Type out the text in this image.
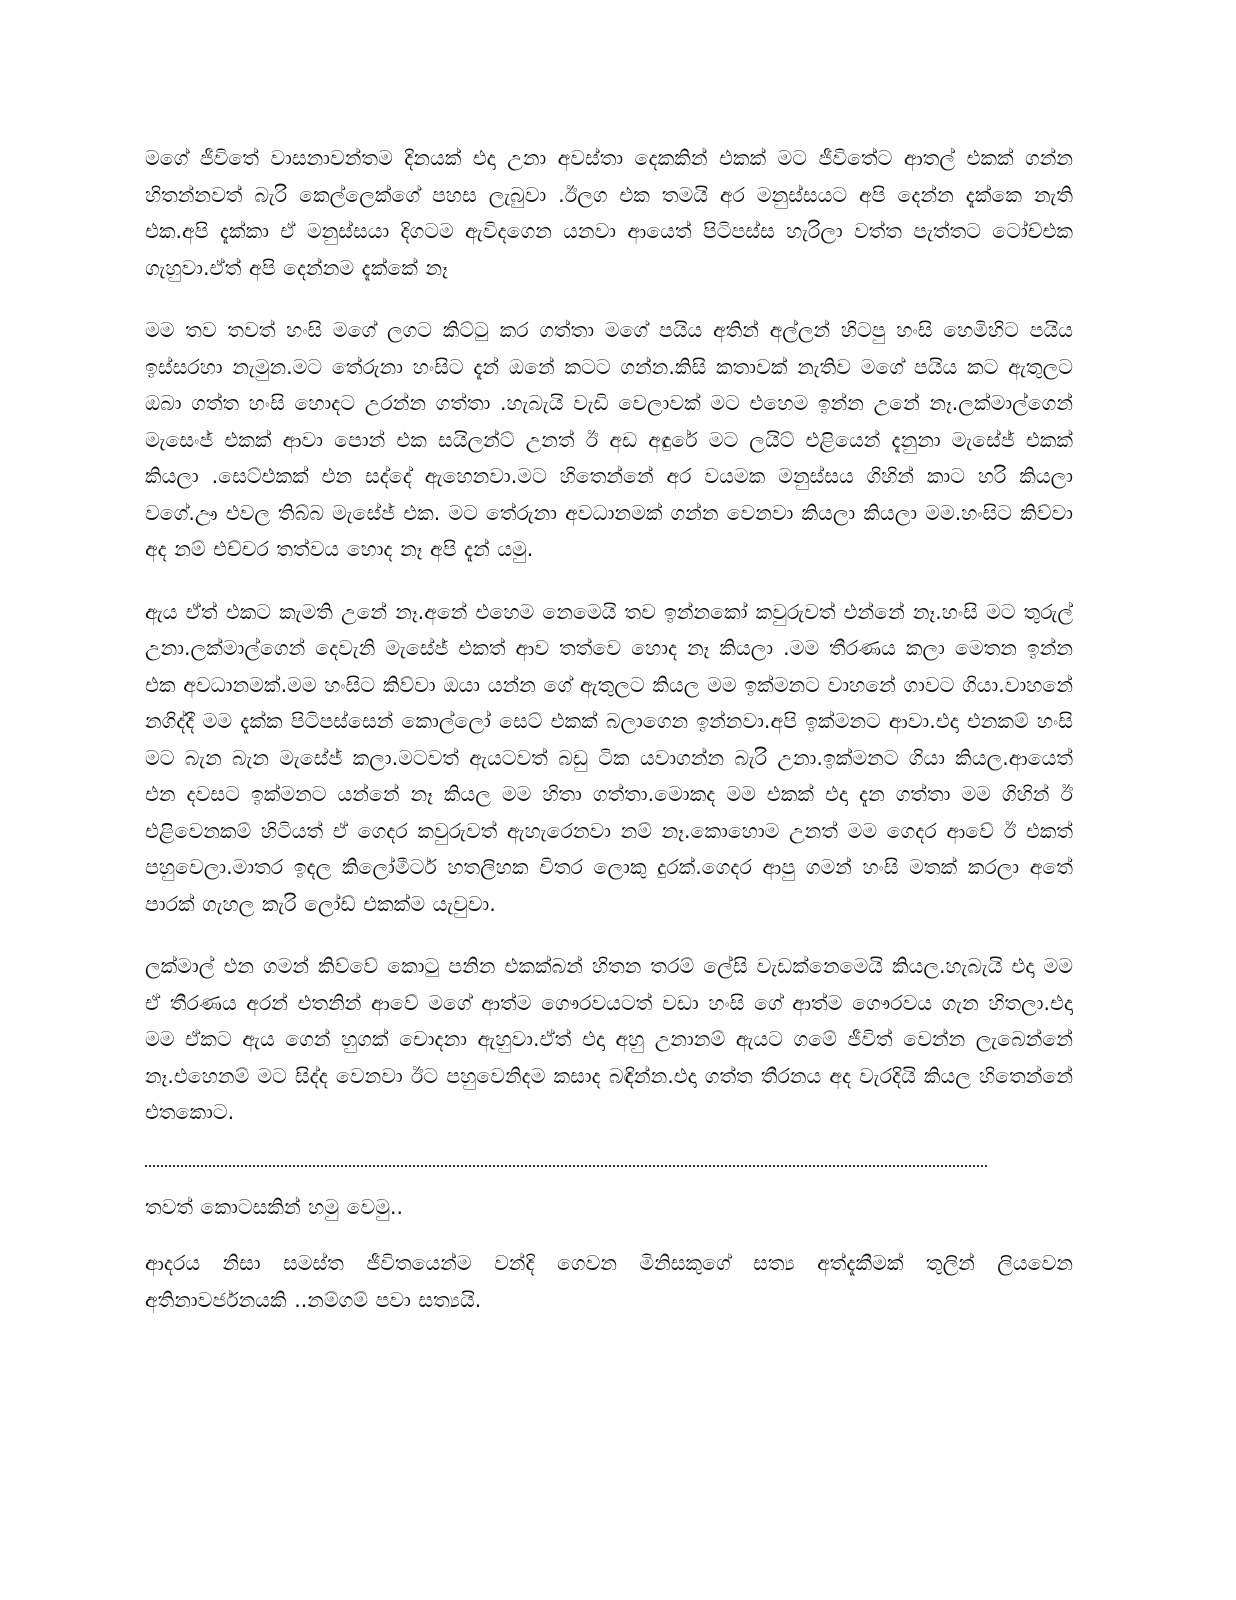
මගේ ජීවිතේ වාසනාවන්තම දිනයක් එදා උනා අවස්තා දෙකකින් එකක් මට ජීවිතේට ආතල් එකක් ගන්න හිතන්නවත් බැරි කෙල්ලෙක්ගේ පහස ලැබුවා .ඊලග එක තමයි අර මනුස්සයට අපි දෙන්න දැක්කෙ නැති එක.අපි දැක්කා ඒ මනුස්සයා දිගටම ඇවිදගෙන යනවා ආයෙත් පිටිපස්ස හැරිලා වත්ත පැත්තට ටෝච්එක ගැහුවා.ඒත් අපි දෙන්නම දැක්කේ නෑ

මම තව තවත් හංසි මගේ ලගට කිට්ටු කර ගත්තා මගේ පයිය අතින් අල්ලන් හිටපු හංසි හෙමිහිට පයිය ඉස්සරහා නැමුන.මට තේරුනා හංසිට දැන් ඔනේ කටට ගන්න.කිසි කතාවක් නැතිව මගේ පයිය කට ඇතුලට ඔබා ගත්ත හංසි හොදට උරන්න ගත්තා .හැබැයි වැඩි වෙලාවක් මට එහෙම ඉන්න උනේ නෑ.ලක්මාල්ගෙන් මැසෙංජ් එකක් ආවා පොන් එක සයිලන්ට් උනත් ඊ අඩ අඳුරේ මට ලයිට් එළියෙන් දැනුනා මැසේජ් එකක් කියලා .සෙට්එකක් එන සද්දේ ඇහෙනවා.මට හිතෙන්නේ අර වයමක මනුස්සය ගිහින් කාට හරි කියලා වගේ.ඌ එවල තිබ්බ මැසේජ් එක. මට තේරුනා අවධානමක් ගන්න වෙනවා කියලා කියලා මම.හංසිට කිව්වා අද නම් එච්චර තත්වය හොද නෑ අපි දැන් යමු.

ඇය ඒත් එකට කැමති උනේ නෑ.අනේ එහෙම නෙමෙයි තව ඉන්නකෝ කවුරුවත් එන්නේ නෑ.හංසි මට තුරුල් උනා.ලක්මාල්ගෙන් දෙවැනි මැසේජ් එකත් ආව තත්වෙ හොද නෑ කියලා .මම තීරණය කලා මෙතන ඉන්න එක අවධානමක්.මම හංසිට කිව්වා ඔයා යන්න ගේ ඇතුලට කියල මම ඉක්මනට වාහනේ ගාවට ගියා.වාහනේ නගිද්දී මම දැක්ක පිටිපස්සෙන් කොල්ලෝ සෙට් එකක් බලාගෙන ඉන්නවා.අපි ඉක්මනට ආවා.එදා එනකම් හංසි මට බැන බැන මැසේජ් කලා.මටවත් ඇයටවත් බඩු ටික යවාගන්න බැරි උනා.ඉක්මනට ගියා කියල.ආයෙත් එන දවසට ඉක්මනට යන්නේ නෑ කියල මම හිතා ගත්තා.මොකද මම එකක් එදා දැන ගත්තා මම ගිහින් ඊ එළිවෙනකම් හිටියත් ඒ ගෙදර කවුරුවත් ඇහැරෙනවා නම් නෑ.කොහොම උනත් මම ගෙදර ආවේ ඊ එකත් පහුවෙලා.මාතර ඉදල කිලෝමීටර් හතලිහක විතර ලොකු දුරක්.ගෙදර ආපු ගමන් හංසි මතක් කරලා අතේ පාරක් ගැහල කැරි ලෝඩ් එකක්ම යැවුවා.

ලක්මාල් එන ගමන් කිව්වේ කොටු පනින එකක්බන් හිතන තරම් ලේසි වැඩක්නෙමෙයි කියල.හැබැයි එදා මම ඒ තීරණය අරන් එතනින් ආවේ මගේ ආත්ම ගෞරවයටත් වඩා හංසි ගේ ආත්ම ගෞරවය ගැන හිතලා.එදා මම ඒකට ඇය ගෙන් හුගක් චොදනා ඇහුවා.ඒත් එදා අහු උනානම් ඇයට ගමේ ජීවිත් වෙන්න ලැබෙන්නේ නෑ.එහෙනම් මට සිද්ද වෙනවා ඊට පහුවෙනිදම කසාද බඳින්න.එදා ගත්ත තීරනය අද වැරදියි කියල හිතෙන්නේ එතකොට.

තවත් කොටසකින් හමු වෙමු..

ආදරය නිසා සමස්ත ජීවිතයෙන්ම වන්දි ගෙවන මිනිසකුගේ සත්‍ය අත්දැකීමක් තුලින් ලියවෙන අතිනාවර්ජනයකි ..නම්ගම් පවා සත්‍යයි.
